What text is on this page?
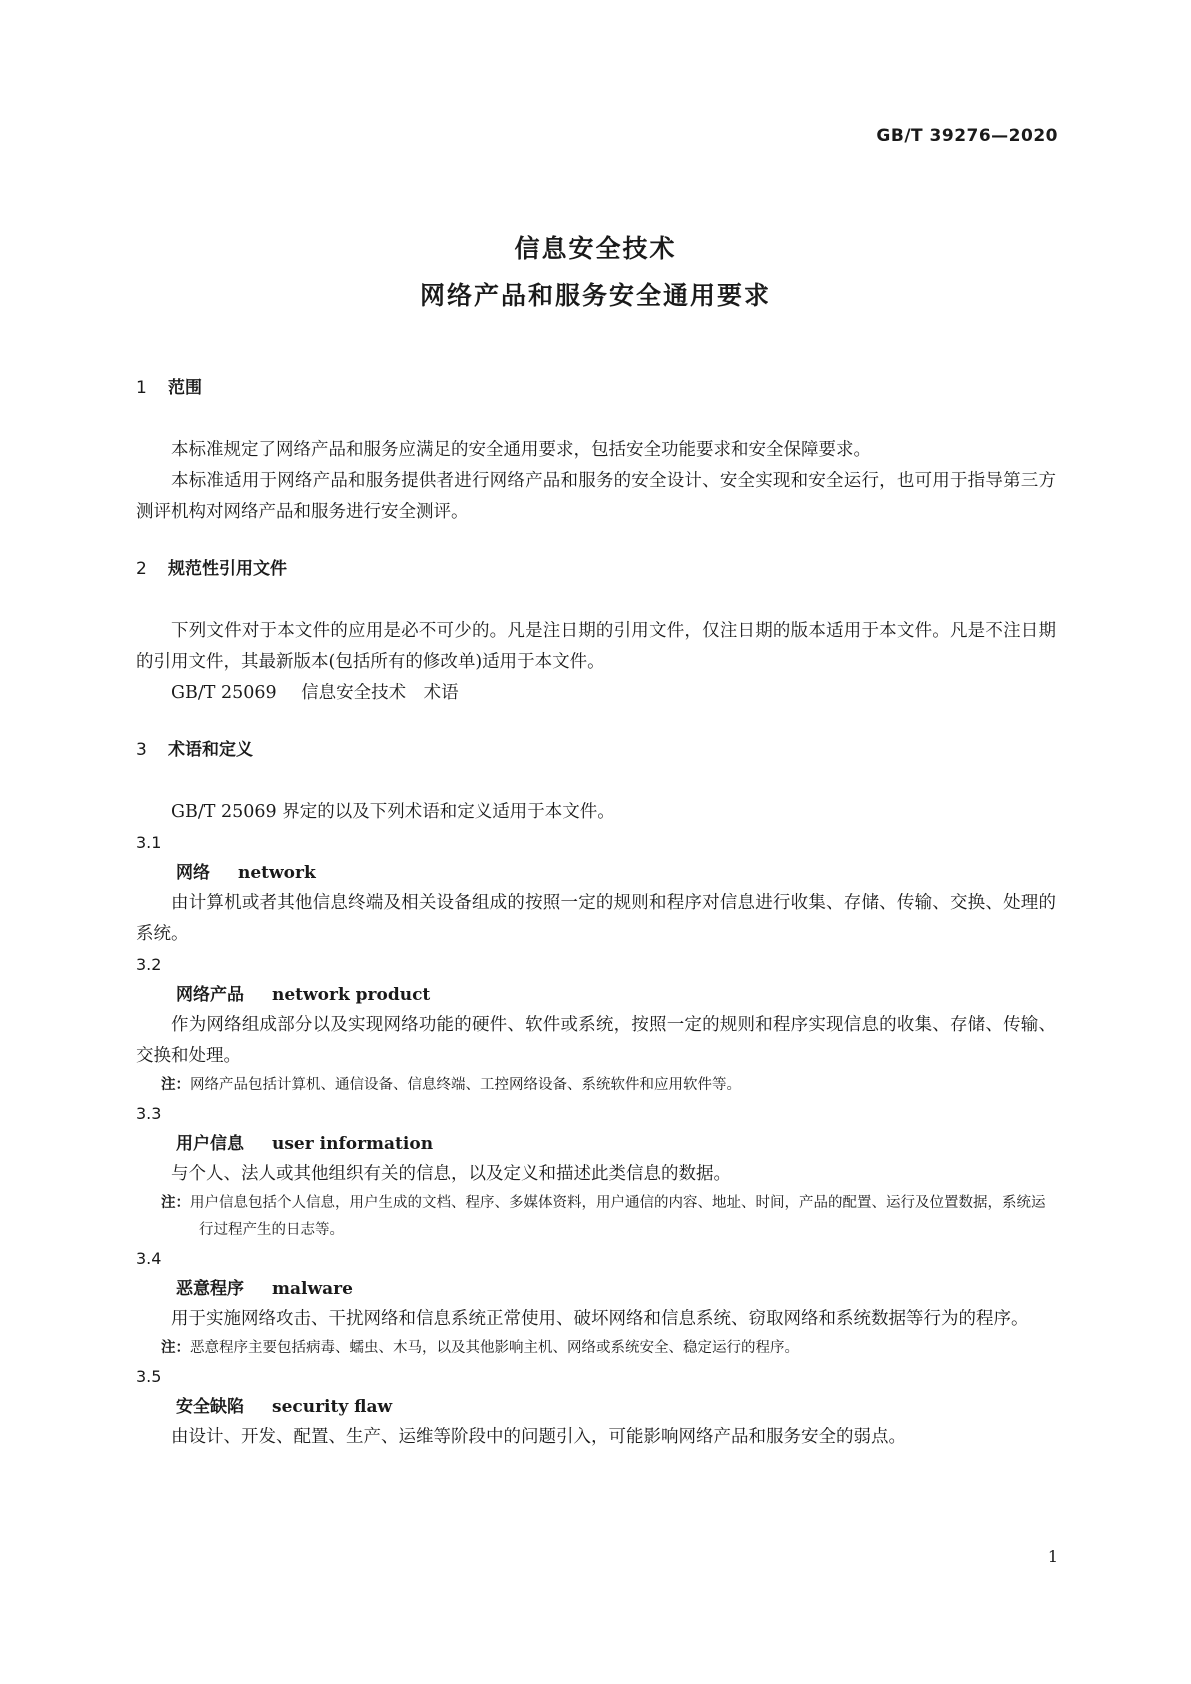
GB/T 39276—2020
信息安全技术
网络产品和服务安全通用要求
1 范围
本标准规定了网络产品和服务应满足的安全通用要求，包括安全功能要求和安全保障要求。
本标准适用于网络产品和服务提供者进行网络产品和服务的安全设计、安全实现和安全运行，也可用于指导第三方测评机构对网络产品和服务进行安全测评。
2 规范性引用文件
下列文件对于本文件的应用是必不可少的。凡是注日期的引用文件，仅注日期的版本适用于本文件。凡是不注日期的引用文件，其最新版本(包括所有的修改单)适用于本文件。
GB/T 25069 信息安全技术　术语
3 术语和定义
GB/T 25069 界定的以及下列术语和定义适用于本文件。
3.1
网络 network
由计算机或者其他信息终端及相关设备组成的按照一定的规则和程序对信息进行收集、存储、传输、交换、处理的系统。
3.2
网络产品 network product
作为网络组成部分以及实现网络功能的硬件、软件或系统，按照一定的规则和程序实现信息的收集、存储、传输、交换和处理。
注：网络产品包括计算机、通信设备、信息终端、工控网络设备、系统软件和应用软件等。
3.3
用户信息 user information
与个人、法人或其他组织有关的信息，以及定义和描述此类信息的数据。
注：用户信息包括个人信息，用户生成的文档、程序、多媒体资料，用户通信的内容、地址、时间，产品的配置、运行及位置数据，系统运行过程产生的日志等。
3.4
恶意程序 malware
用于实施网络攻击、干扰网络和信息系统正常使用、破坏网络和信息系统、窃取网络和系统数据等行为的程序。
注：恶意程序主要包括病毒、蠕虫、木马，以及其他影响主机、网络或系统安全、稳定运行的程序。
3.5
安全缺陷 security flaw
由设计、开发、配置、生产、运维等阶段中的问题引入，可能影响网络产品和服务安全的弱点。
1
